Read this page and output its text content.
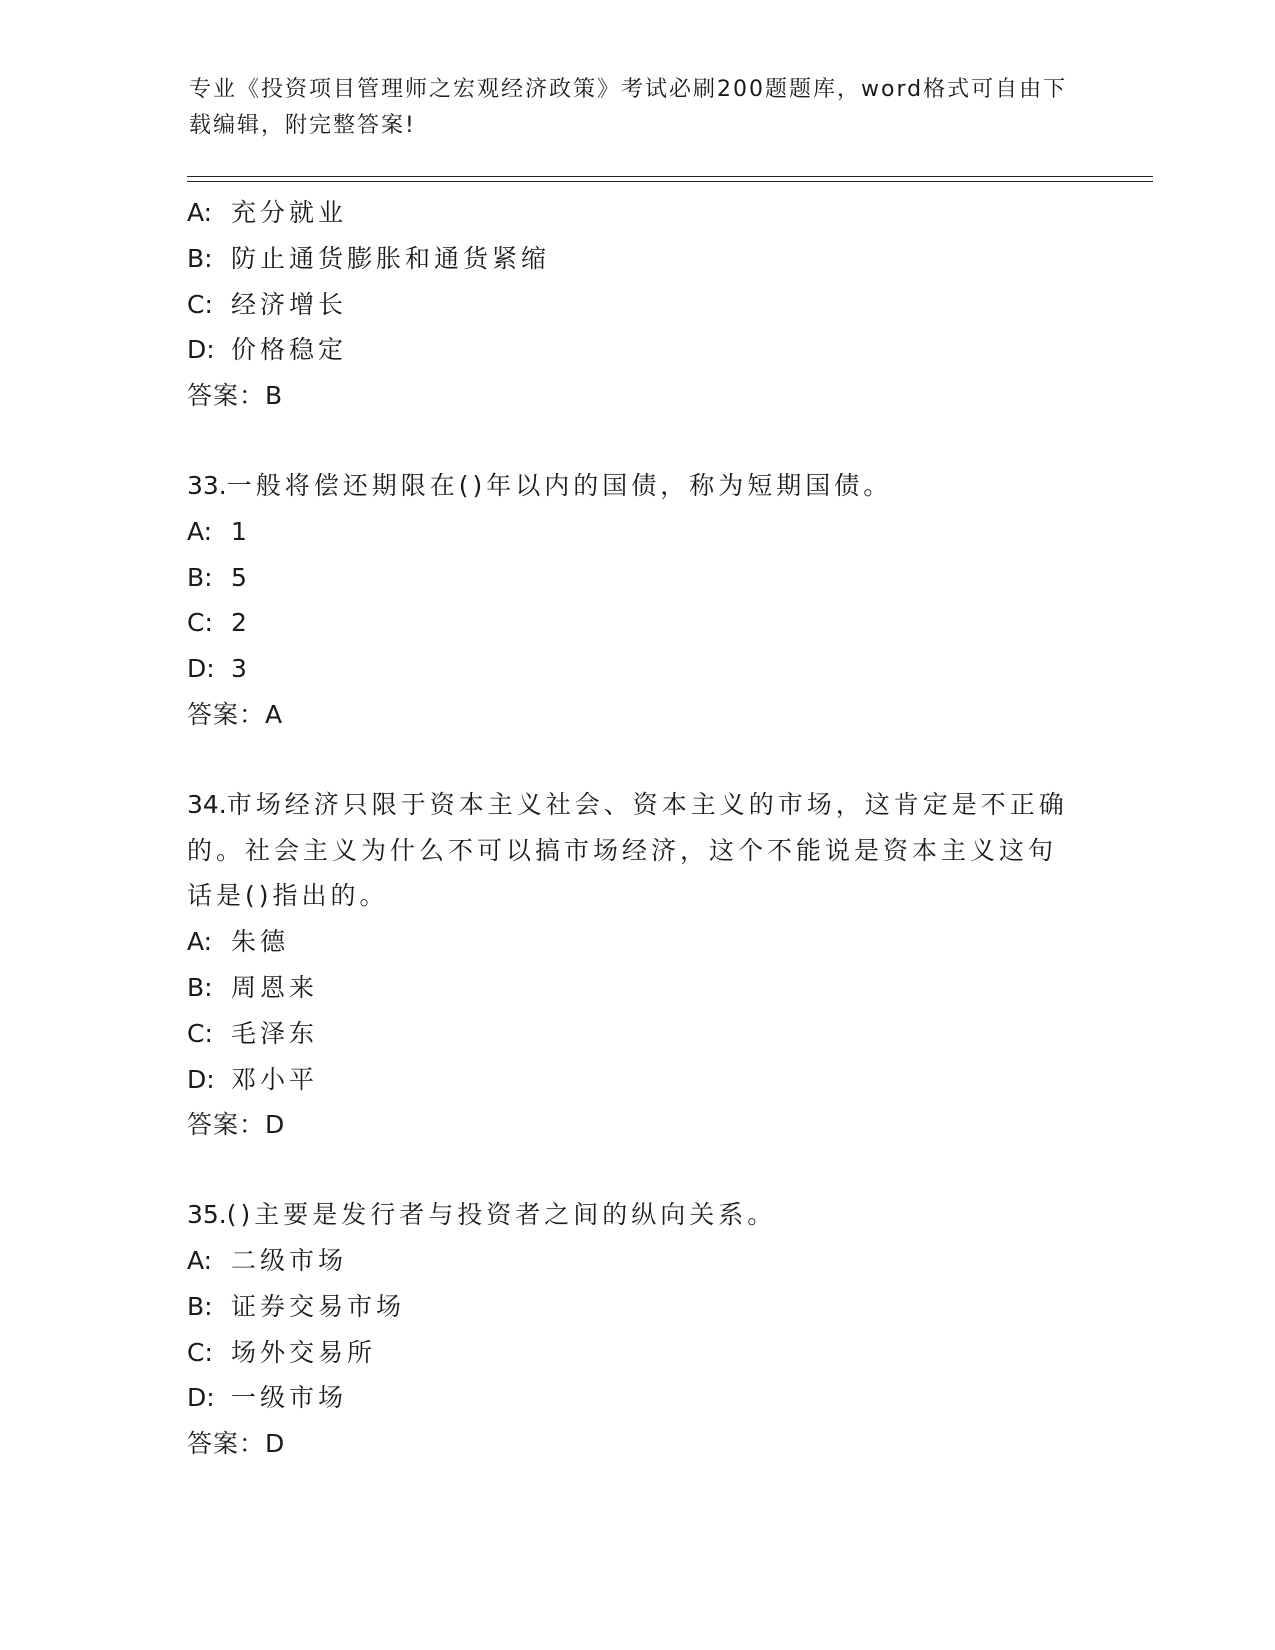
专业《投资项目管理师之宏观经济政策》考试必刷200题题库，word格式可自由下载编辑，附完整答案!
A: 充分就业
B: 防止通货膨胀和通货紧缩
C: 经济增长
D: 价格稳定
答案：B
33.一般将偿还期限在()年以内的国债，称为短期国债。
A: 1
B: 5
C: 2
D: 3
答案：A
34.市场经济只限于资本主义社会、资本主义的市场，这肯定是不正确的。社会主义为什么不可以搞市场经济，这个不能说是资本主义这句话是()指出的。
A: 朱德
B: 周恩来
C: 毛泽东
D: 邓小平
答案：D
35.()主要是发行者与投资者之间的纵向关系。
A: 二级市场
B: 证券交易市场
C: 场外交易所
D: 一级市场
答案：D
